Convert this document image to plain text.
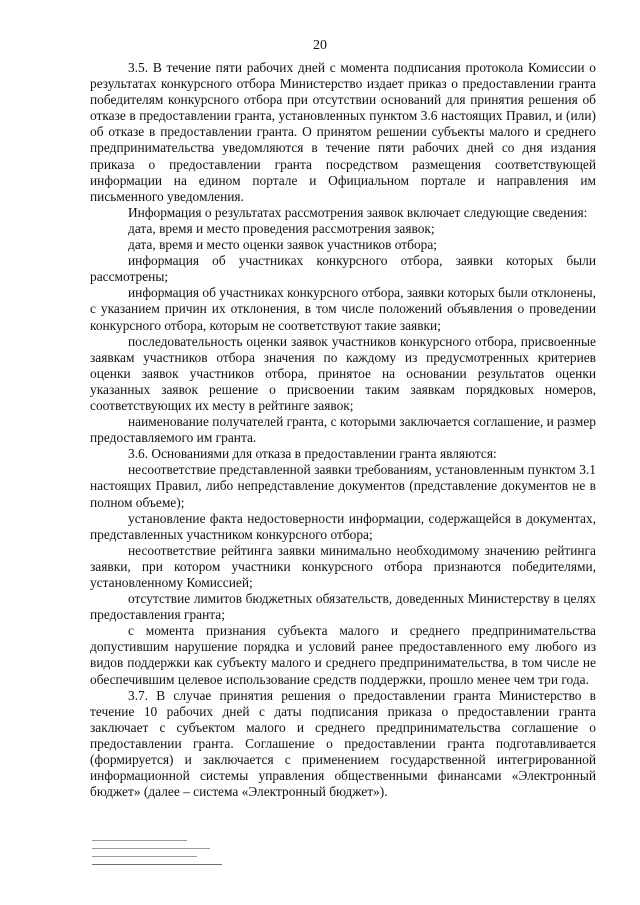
20

3.5. В течение пяти рабочих дней с момента подписания протокола Комиссии о результатах конкурсного отбора Министерство издает приказ о предоставлении гранта победителям конкурсного отбора при отсутствии оснований для принятия решения об отказе в предоставлении гранта, установленных пунктом 3.6 настоящих Правил, и (или) об отказе в предоставлении гранта. О принятом решении субъекты малого и среднего предпринимательства уведомляются в течение пяти рабочих дней со дня издания приказа о предоставлении гранта посредством размещения соответствующей информации на едином портале и Официальном портале и направления им письменного уведомления.

Информация о результатах рассмотрения заявок включает следующие сведения:

дата, время и место проведения рассмотрения заявок;

дата, время и место оценки заявок участников отбора;

информация об участниках конкурсного отбора, заявки которых были рассмотрены;

информация об участниках конкурсного отбора, заявки которых были отклонены, с указанием причин их отклонения, в том числе положений объявления о проведении конкурсного отбора, которым не соответствуют такие заявки;

последовательность оценки заявок участников конкурсного отбора, присвоенные заявкам участников отбора значения по каждому из предусмотренных критериев оценки заявок участников отбора, принятое на основании результатов оценки указанных заявок решение о присвоении таким заявкам порядковых номеров, соответствующих их месту в рейтинге заявок;

наименование получателей гранта, с которыми заключается соглашение, и размер предоставляемого им гранта.

3.6. Основаниями для отказа в предоставлении гранта являются:

несоответствие представленной заявки требованиям, установленным пунктом 3.1 настоящих Правил, либо непредставление документов (представление документов не в полном объеме);

установление факта недостоверности информации, содержащейся в документах, представленных участником конкурсного отбора;

несоответствие рейтинга заявки минимально необходимому значению рейтинга заявки, при котором участники конкурсного отбора признаются победителями, установленному Комиссией;

отсутствие лимитов бюджетных обязательств, доведенных Министерству в целях предоставления гранта;

с момента признания субъекта малого и среднего предпринимательства допустившим нарушение порядка и условий ранее предоставленного ему любого из видов поддержки как субъекту малого и среднего предпринимательства, в том числе не обеспечившим целевое использование средств поддержки, прошло менее чем три года.

3.7. В случае принятия решения о предоставлении гранта Министерство в течение 10 рабочих дней с даты подписания приказа о предоставлении гранта заключает с субъектом малого и среднего предпринимательства соглашение о предоставлении гранта. Соглашение о предоставлении гранта подготавливается (формируется) и заключается с применением государственной интегрированной информационной системы управления общественными финансами «Электронный бюджет» (далее – система «Электронный бюджет»).
